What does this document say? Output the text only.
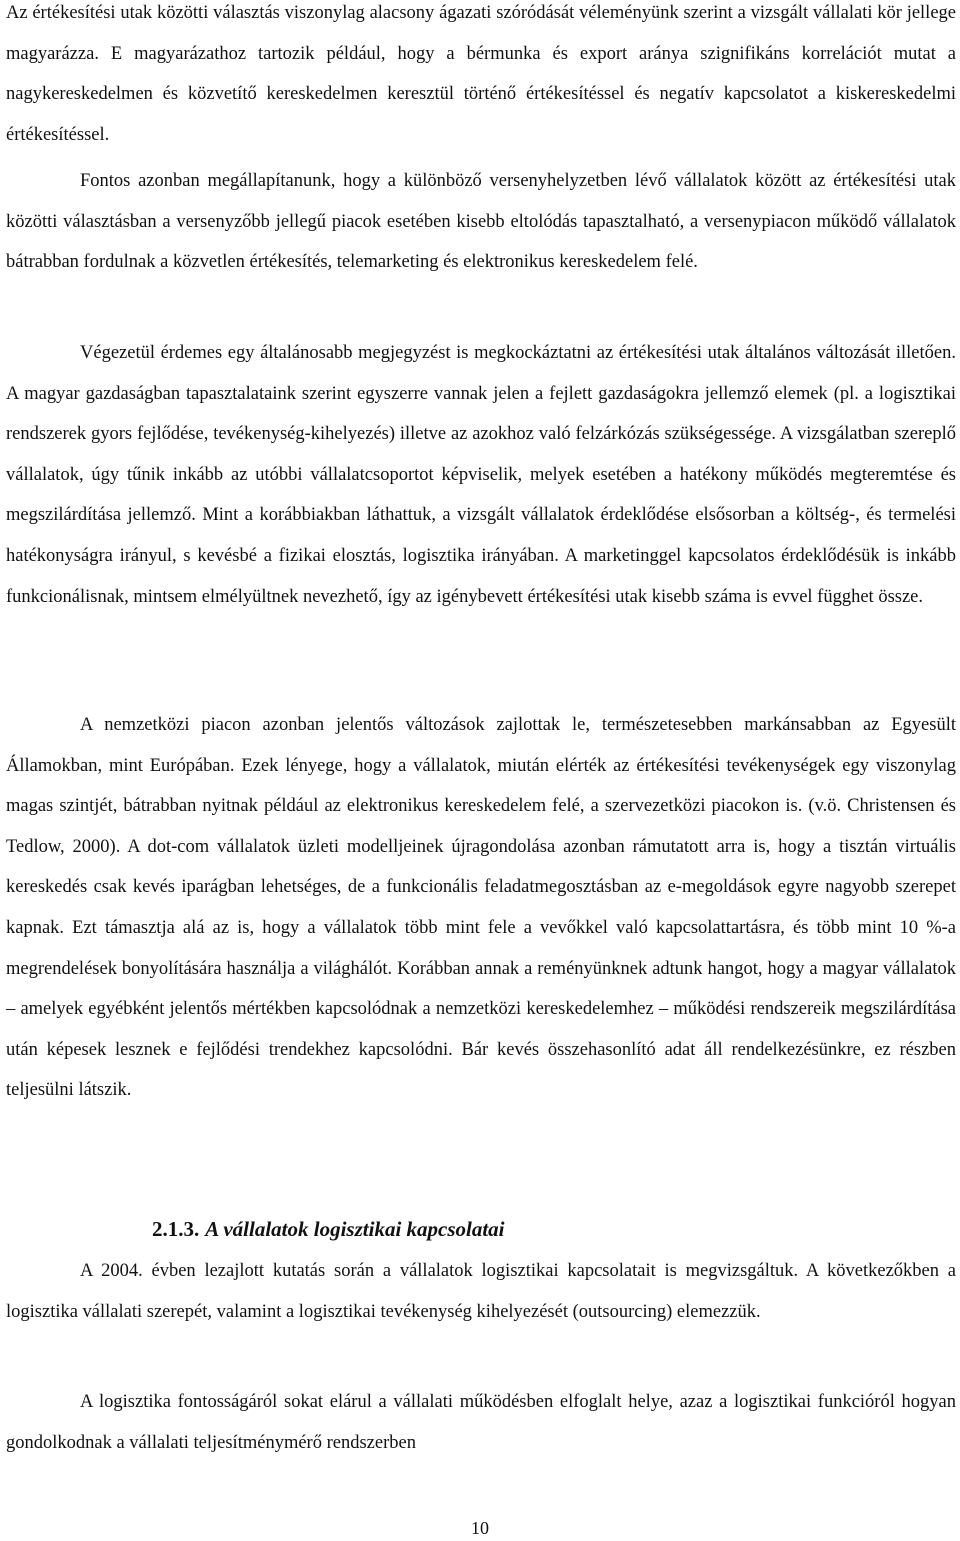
Az értékesítési utak közötti választás viszonylag alacsony ágazati szóródását véleményünk szerint a vizsgált vállalati kör jellege magyarázza. E magyarázathoz tartozik például, hogy a bérmunka és export aránya szignifikáns korrelációt mutat a nagykereskedelmen és közvetítő kereskedelmen keresztül történő értékesítéssel és negatív kapcsolatot a kiskereskedelmi értékesítéssel.

Fontos azonban megállapítanunk, hogy a különböző versenyhelyzetben lévő vállalatok között az értékesítési utak közötti választásban a versenyzőbb jellegű piacok esetében kisebb eltolódás tapasztalható, a versenypiacon működő vállalatok bátrabban fordulnak a közvetlen értékesítés, telemarketing és elektronikus kereskedelem felé.

Végezetül érdemes egy általánosabb megjegyzést is megkockáztatni az értékesítési utak általános változását illetően. A magyar gazdaságban tapasztalataink szerint egyszerre vannak jelen a fejlett gazdaságokra jellemző elemek (pl. a logisztikai rendszerek gyors fejlődése, tevékenység-kihelyezés) illetve az azokhoz való felzárkózás szükségessége. A vizsgálatban szereplő vállalatok, úgy tűnik inkább az utóbbi vállalatcsoportot képviselik, melyek esetében a hatékony működés megteremtése és megszilárdítása jellemző. Mint a korábbiakban láthattuk, a vizsgált vállalatok érdeklődése elsősorban a költség-, és termelési hatékonyságra irányul, s kevésbé a fizikai elosztás, logisztika irányában. A marketinggel kapcsolatos érdeklődésük is inkább funkcionálisnak, mintsem elmélyültnek nevezhető, így az igénybevett értékesítési utak kisebb száma is evvel függhet össze.

A nemzetközi piacon azonban jelentős változások zajlottak le, természetesebben markánsabban az Egyesült Államokban, mint Európában. Ezek lényege, hogy a vállalatok, miután elérték az értékesítési tevékenységek egy viszonylag magas szintjét, bátrabban nyitnak például az elektronikus kereskedelem felé, a szervezetközi piacokon is. (v.ö. Christensen és Tedlow, 2000). A dot-com vállalatok üzleti modelljeinek újragondolása azonban rámutatott arra is, hogy a tisztán virtuális kereskedés csak kevés iparágban lehetséges, de a funkcionális feladatmegosztásban az e-megoldások egyre nagyobb szerepet kapnak. Ezt támasztja alá az is, hogy a vállalatok több mint fele a vevőkkel való kapcsolattartásra, és több mint 10 %-a megrendelések bonyolítására használja a világhálót. Korábban annak a reményünknek adtunk hangot, hogy a magyar vállalatok – amelyek egyébként jelentős mértékben kapcsolódnak a nemzetközi kereskedelemhez – működési rendszereik megszilárdítása után képesek lesznek e fejlődési trendekhez kapcsolódni. Bár kevés összehasonlító adat áll rendelkezésünkre, ez részben teljesülni látszik.

2.1.3. A vállalatok logisztikai kapcsolatai

A 2004. évben lezajlott kutatás során a vállalatok logisztikai kapcsolatait is megvizsgáltuk. A következőkben a logisztika vállalati szerepét, valamint a logisztikai tevékenység kihelyezését (outsourcing) elemezzük.

A logisztika fontosságáról sokat elárul a vállalati működésben elfoglalt helye, azaz a logisztikai funkcióról hogyan gondolkodnak a vállalati teljesítménymérő rendszerben

10
